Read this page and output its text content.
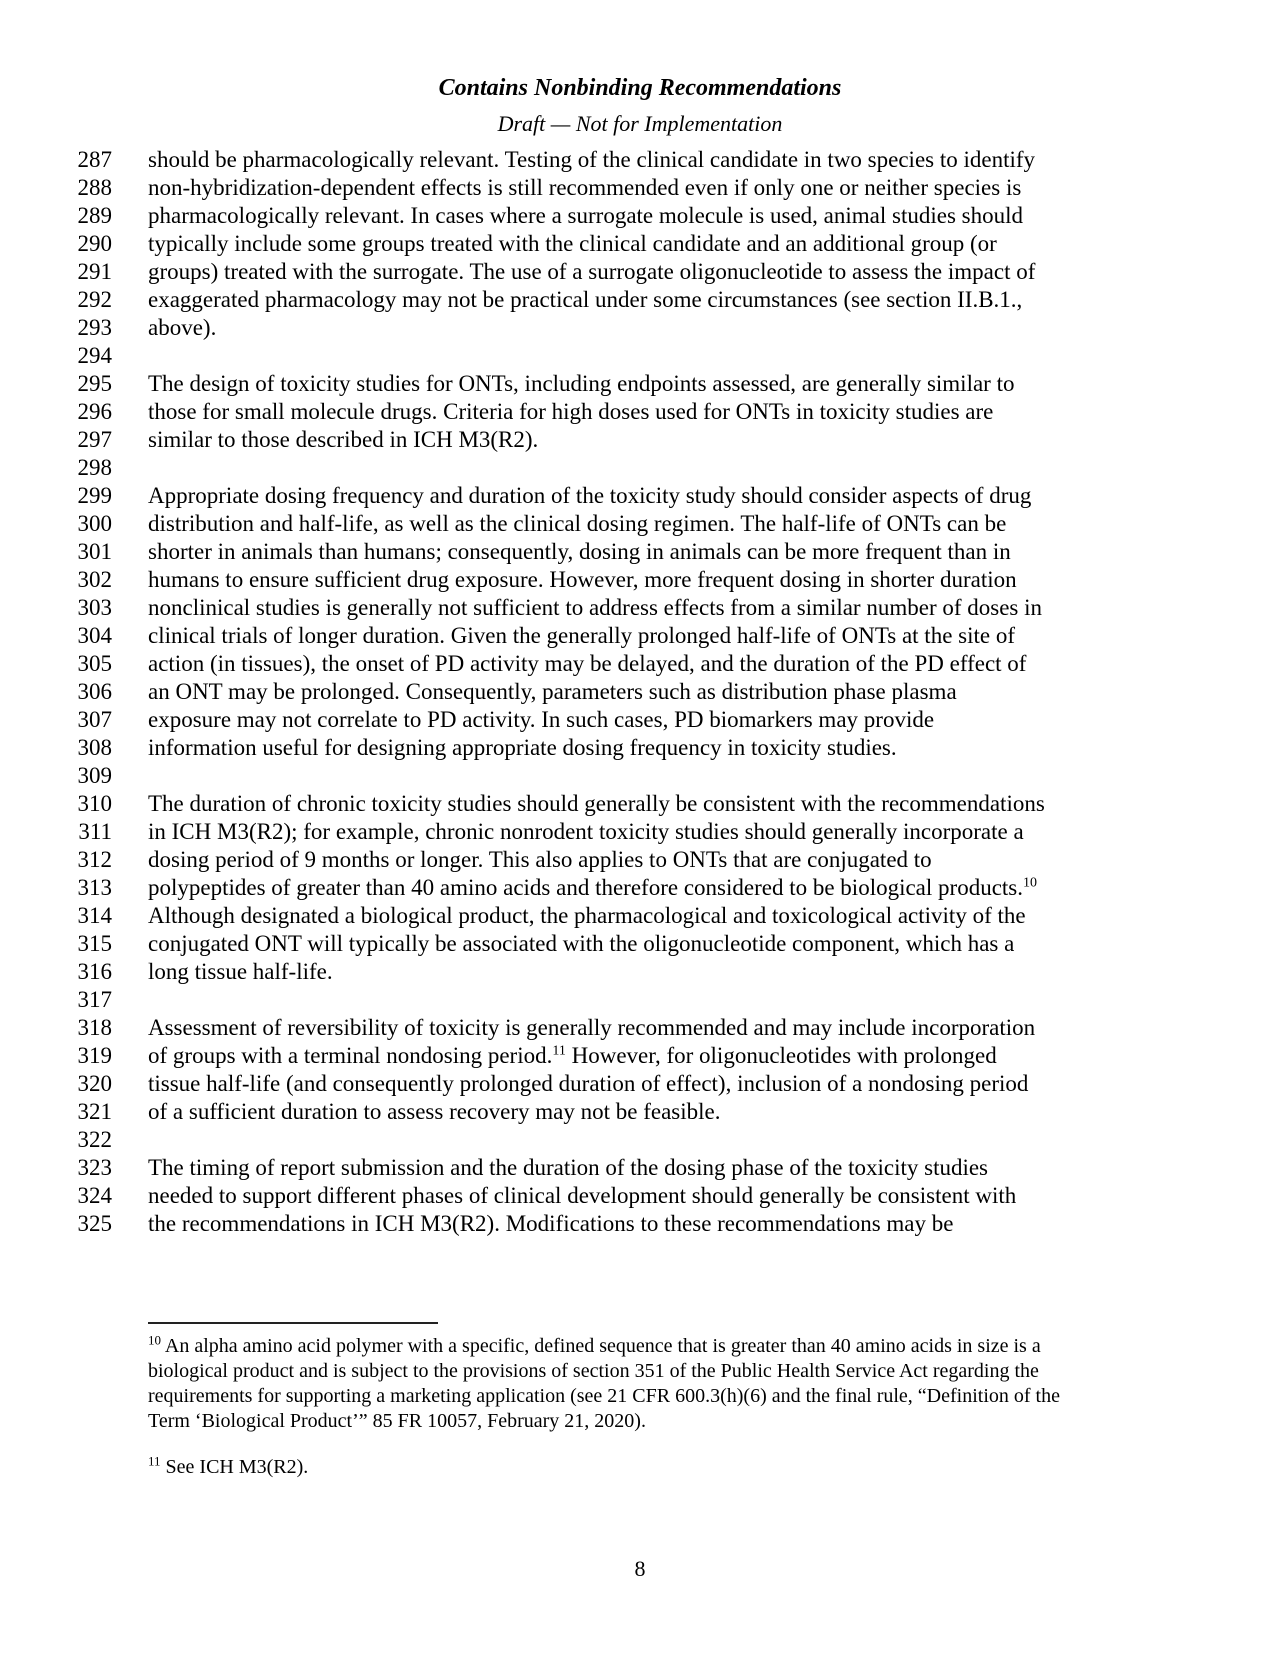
Contains Nonbinding Recommendations
Draft — Not for Implementation
287 should be pharmacologically relevant. Testing of the clinical candidate in two species to identify
288 non-hybridization-dependent effects is still recommended even if only one or neither species is
289 pharmacologically relevant. In cases where a surrogate molecule is used, animal studies should
290 typically include some groups treated with the clinical candidate and an additional group (or
291 groups) treated with the surrogate. The use of a surrogate oligonucleotide to assess the impact of
292 exaggerated pharmacology may not be practical under some circumstances (see section II.B.1.,
293 above).
294
295 The design of toxicity studies for ONTs, including endpoints assessed, are generally similar to
296 those for small molecule drugs. Criteria for high doses used for ONTs in toxicity studies are
297 similar to those described in ICH M3(R2).
298
299 Appropriate dosing frequency and duration of the toxicity study should consider aspects of drug
300 distribution and half-life, as well as the clinical dosing regimen. The half-life of ONTs can be
301 shorter in animals than humans; consequently, dosing in animals can be more frequent than in
302 humans to ensure sufficient drug exposure. However, more frequent dosing in shorter duration
303 nonclinical studies is generally not sufficient to address effects from a similar number of doses in
304 clinical trials of longer duration. Given the generally prolonged half-life of ONTs at the site of
305 action (in tissues), the onset of PD activity may be delayed, and the duration of the PD effect of
306 an ONT may be prolonged. Consequently, parameters such as distribution phase plasma
307 exposure may not correlate to PD activity. In such cases, PD biomarkers may provide
308 information useful for designing appropriate dosing frequency in toxicity studies.
309
310 The duration of chronic toxicity studies should generally be consistent with the recommendations
311 in ICH M3(R2); for example, chronic nonrodent toxicity studies should generally incorporate a
312 dosing period of 9 months or longer. This also applies to ONTs that are conjugated to
313 polypeptides of greater than 40 amino acids and therefore considered to be biological products.$^{10}$
314 Although designated a biological product, the pharmacological and toxicological activity of the
315 conjugated ONT will typically be associated with the oligonucleotide component, which has a
316 long tissue half-life.
317
318 Assessment of reversibility of toxicity is generally recommended and may include incorporation
319 of groups with a terminal nondosing period.$^{11}$ However, for oligonucleotides with prolonged
320 tissue half-life (and consequently prolonged duration of effect), inclusion of a nondosing period
321 of a sufficient duration to assess recovery may not be feasible.
322
323 The timing of report submission and the duration of the dosing phase of the toxicity studies
324 needed to support different phases of clinical development should generally be consistent with
325 the recommendations in ICH M3(R2). Modifications to these recommendations may be
$^{10}$ An alpha amino acid polymer with a specific, defined sequence that is greater than 40 amino acids in size is a
biological product and is subject to the provisions of section 351 of the Public Health Service Act regarding the
requirements for supporting a marketing application (see 21 CFR 600.3(h)(6) and the final rule, “Definition of the
Term ‘Biological Product’” 85 FR 10057, February 21, 2020).
$^{11}$ See ICH M3(R2).
8
